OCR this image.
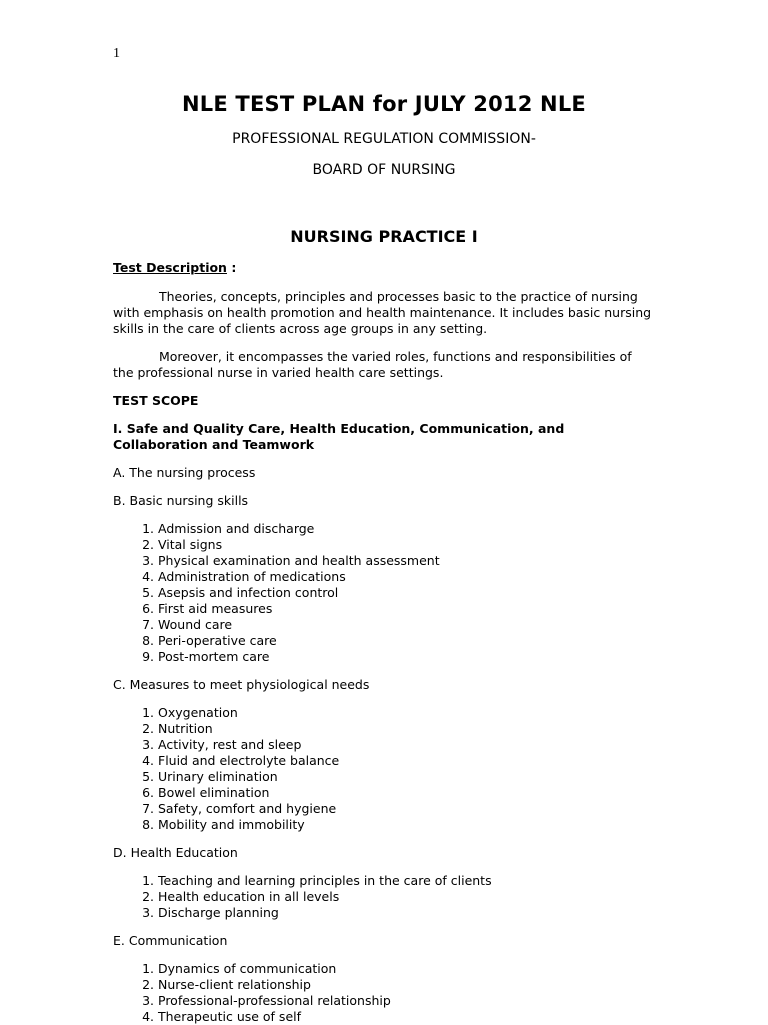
1
NLE TEST PLAN for JULY 2012 NLE
PROFESSIONAL REGULATION COMMISSION-
BOARD OF NURSING
NURSING PRACTICE I

Test Description :

Theories, concepts, principles and processes basic to the practice of nursing with emphasis on health promotion and health maintenance. It includes basic nursing skills in the care of clients across age groups in any setting.

Moreover, it encompasses the varied roles, functions and responsibilities of the professional nurse in varied health care settings.

TEST SCOPE

I. Safe and Quality Care, Health Education, Communication, and Collaboration and Teamwork

A. The nursing process

B. Basic nursing skills

1. Admission and discharge
2. Vital signs
3. Physical examination and health assessment
4. Administration of medications
5. Asepsis and infection control
6. First aid measures
7. Wound care
8. Peri-operative care
9. Post-mortem care

C. Measures to meet physiological needs

1. Oxygenation
2. Nutrition
3. Activity, rest and sleep
4. Fluid and electrolyte balance
5. Urinary elimination
6. Bowel elimination
7. Safety, comfort and hygiene
8. Mobility and immobility

D. Health Education

1. Teaching and learning principles in the care of clients
2. Health education in all levels
3. Discharge planning

E. Communication

1. Dynamics of communication
2. Nurse-client relationship
3. Professional-professional relationship
4. Therapeutic use of self
